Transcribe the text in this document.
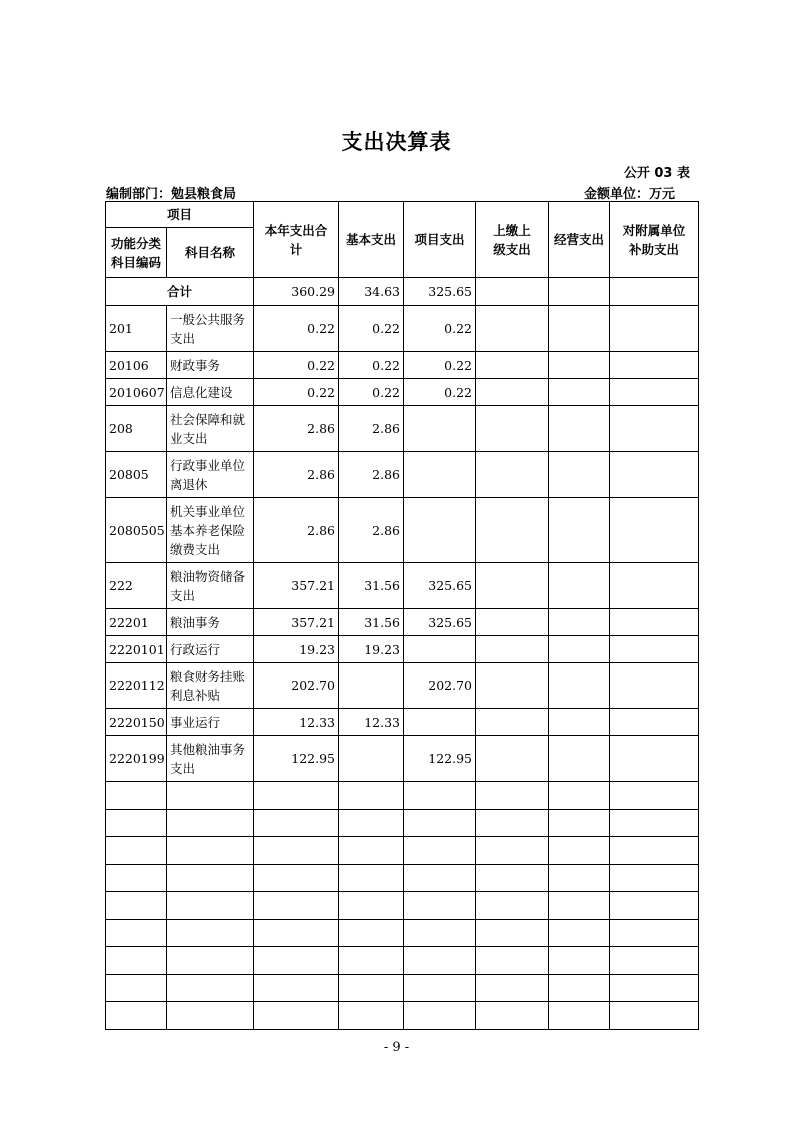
支出决算表
公开 03 表
编制部门：勉县粮食局	金额单位：万元
项目		本年支出合计	基本支出	项目支出	上缴上级支出	经营支出	对附属单位补助支出
功能分类科目编码	科目名称						
合计		360.29	34.63	325.65			
201	一般公共服务支出	0.22	0.22	0.22			
20106	财政事务	0.22	0.22	0.22			
2010607	信息化建设	0.22	0.22	0.22			
208	社会保障和就业支出	2.86	2.86				
20805	行政事业单位离退休	2.86	2.86				
2080505	机关事业单位基本养老保险缴费支出	2.86	2.86				
222	粮油物资储备支出	357.21	31.56	325.65			
22201	粮油事务	357.21	31.56	325.65			
2220101	行政运行	19.23	19.23				
2220112	粮食财务挂账利息补贴	202.70		202.70			
2220150	事业运行	12.33	12.33				
2220199	其他粮油事务支出	122.95		122.95			

- 9 -
